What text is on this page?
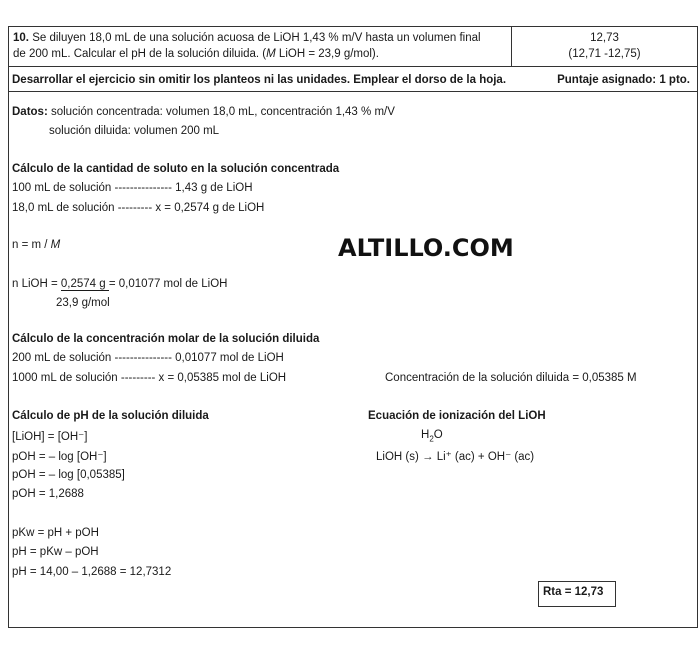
10. Se diluyen 18,0 mL de una solución acuosa de LiOH 1,43 % m/V hasta un volumen final
de 200 mL. Calcular el pH de la solución diluida. (M LiOH = 23,9 g/mol).
12,73
(12,71 -12,75)
Desarrollar el ejercicio sin omitir los planteos ni las unidades. Emplear el dorso de la hoja.	Puntaje asignado: 1 pto.
Datos: solución concentrada: volumen 18,0 mL, concentración 1,43 % m/V
solución diluida: volumen 200 mL
Cálculo de la cantidad de soluto en la solución concentrada
100 mL de solución --------------- 1,43 g de LiOH
18,0 mL de solución --------- x = 0,2574 g de LiOH
n = m / M	ALTILLO.COM
n LiOH = 0,2574 g = 0,01077 mol de LiOH
23,9 g/mol
Cálculo de la concentración molar de la solución diluida
200 mL de solución --------------- 0,01077 mol de LiOH
1000 mL de solución --------- x = 0,05385 mol de LiOH	Concentración de la solución diluida = 0,05385 M
Cálculo de pH de la solución diluida
[LiOH] = [OH⁻]
pOH = – log [OH⁻]
pOH = – log [0,05385]
pOH = 1,2688
Ecuación de ionización del LiOH
$H_2O$
LiOH (s) → Li⁺ (ac) + OH⁻ (ac)
pKw = pH + pOH
pH = pKw – pOH
pH = 14,00 – 1,2688 = 12,7312
Rta = 12,73
